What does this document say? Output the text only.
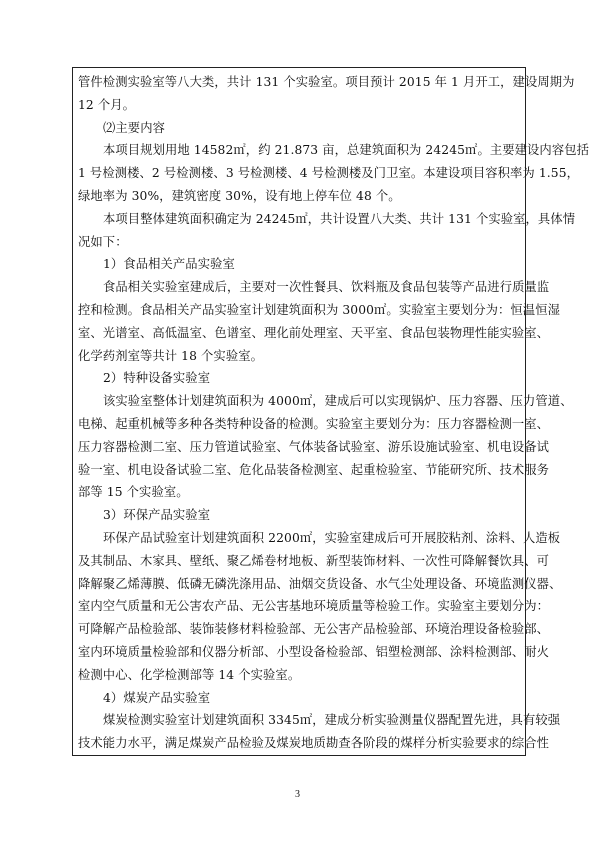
管件检测实验室等八大类，共计 131 个实验室。项目预计 2015 年 1 月开工，建设周期为
12 个月。
⑵主要内容
本项目规划用地 14582㎡，约 21.873 亩，总建筑面积为 24245㎡。主要建设内容包括
1 号检测楼、2 号检测楼、3 号检测楼、4 号检测楼及门卫室。本建设项目容积率为 1.55，
绿地率为 30%，建筑密度 30%，设有地上停车位 48 个。
本项目整体建筑面积确定为 24245㎡，共计设置八大类、共计 131 个实验室，具体情
况如下：
1）食品相关产品实验室
食品相关实验室建成后，主要对一次性餐具、饮料瓶及食品包装等产品进行质量监
控和检测。食品相关产品实验室计划建筑面积为 3000㎡。实验室主要划分为：恒温恒湿
室、光谱室、高低温室、色谱室、理化前处理室、天平室、食品包装物理性能实验室、
化学药剂室等共计 18 个实验室。
2）特种设备实验室
该实验室整体计划建筑面积为 4000㎡，建成后可以实现锅炉、压力容器、压力管道、
电梯、起重机械等多种各类特种设备的检测。实验室主要划分为：压力容器检测一室、
压力容器检测二室、压力管道试验室、气体装备试验室、游乐设施试验室、机电设备试
验一室、机电设备试验二室、危化品装备检测室、起重检验室、节能研究所、技术服务
部等 15 个实验室。
3）环保产品实验室
环保产品试验室计划建筑面积 2200㎡，实验室建成后可开展胶粘剂、涂料、人造板
及其制品、木家具、壁纸、聚乙烯卷材地板、新型装饰材料、一次性可降解餐饮具、可
降解聚乙烯薄膜、低磷无磷洗涤用品、油烟交货设备、水气尘处理设备、环境监测仪器、
室内空气质量和无公害农产品、无公害基地环境质量等检验工作。实验室主要划分为：
可降解产品检验部、装饰装修材料检验部、无公害产品检验部、环境治理设备检验部、
室内环境质量检验部和仪器分析部、小型设备检验部、铝塑检测部、涂料检测部、耐火
检测中心、化学检测部等 14 个实验室。
4）煤炭产品实验室
煤炭检测实验室计划建筑面积 3345㎡，建成分析实验测量仪器配置先进，具有较强
技术能力水平，满足煤炭产品检验及煤炭地质勘查各阶段的煤样分析实验要求的综合性
3
